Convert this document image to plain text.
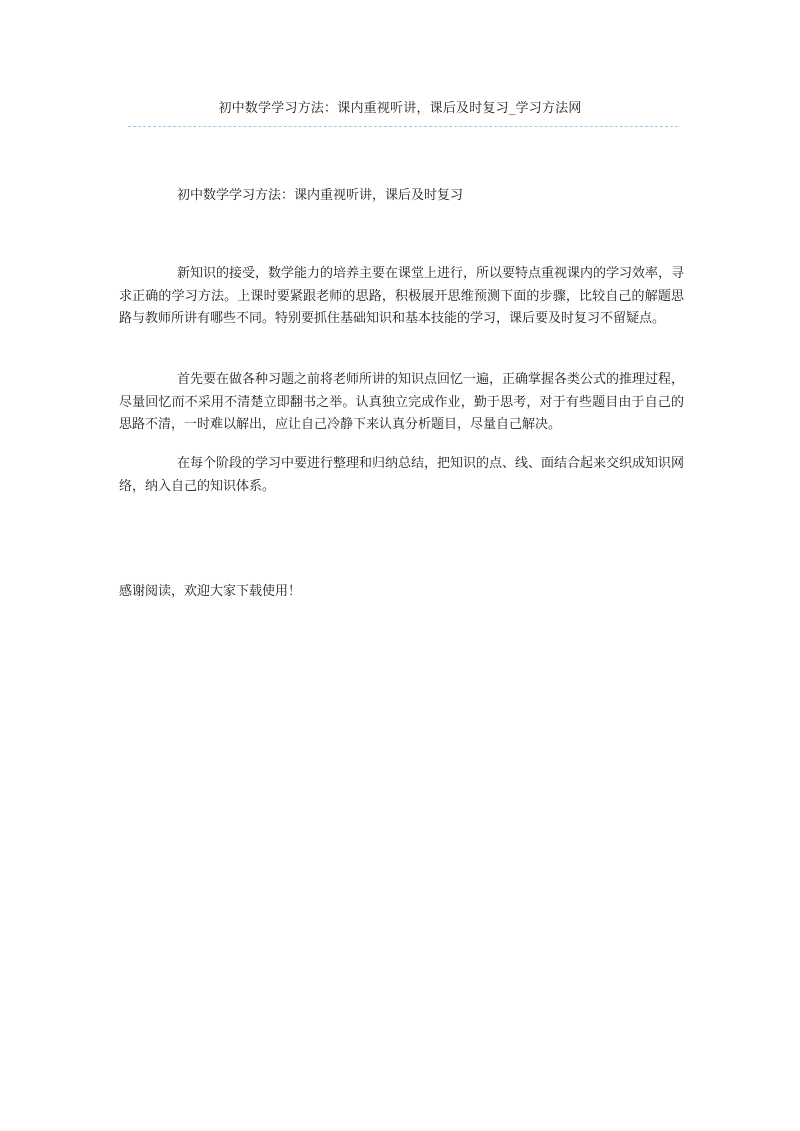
初中数学学习方法：课内重视听讲，课后及时复习_学习方法网
初中数学学习方法：课内重视听讲，课后及时复习

新知识的接受，数学能力的培养主要在课堂上进行，所以要特点重视课内的学习效率，寻求正确的学习方法。上课时要紧跟老师的思路，积极展开思维预测下面的步骤，比较自己的解题思路与教师所讲有哪些不同。特别要抓住基础知识和基本技能的学习，课后要及时复习不留疑点。

首先要在做各种习题之前将老师所讲的知识点回忆一遍，正确掌握各类公式的推理过程，尽量回忆而不采用不清楚立即翻书之举。认真独立完成作业，勤于思考，对于有些题目由于自己的思路不清，一时难以解出，应让自己冷静下来认真分析题目，尽量自己解决。

在每个阶段的学习中要进行整理和归纳总结，把知识的点、线、面结合起来交织成知识网络，纳入自己的知识体系。

感谢阅读，欢迎大家下载使用！
